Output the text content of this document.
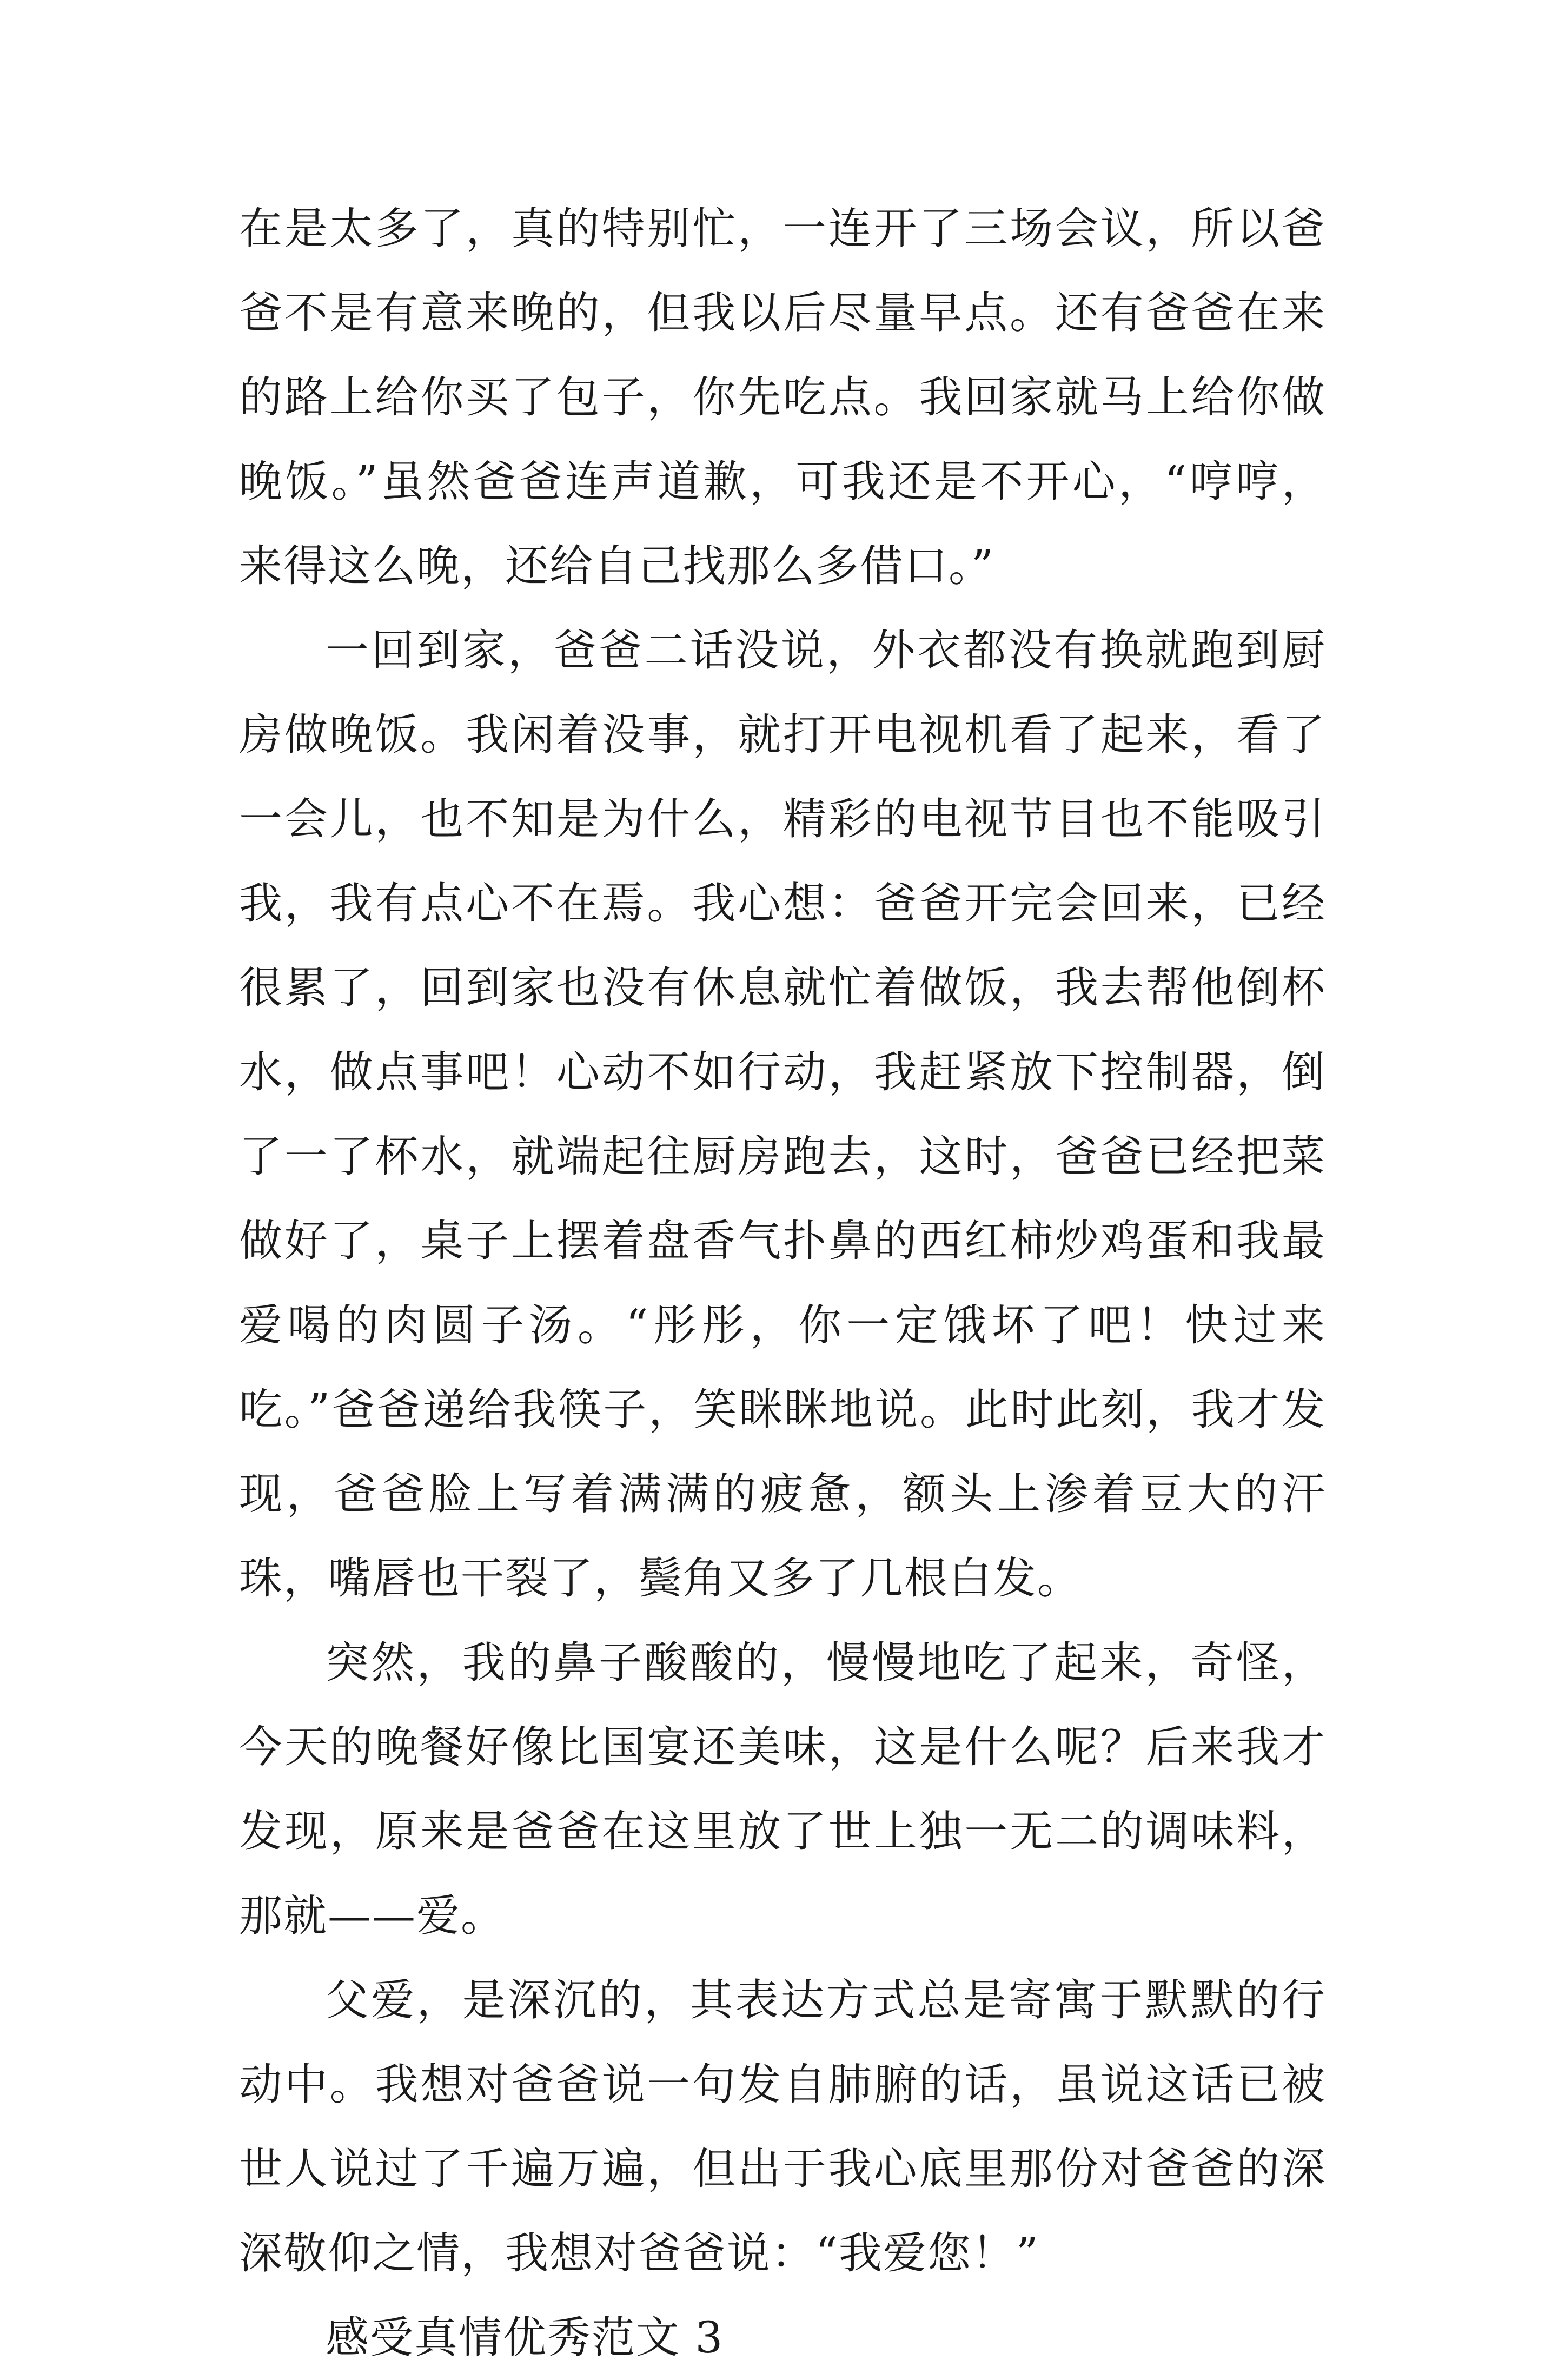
在是太多了，真的特别忙，一连开了三场会议，所以爸爸不是有意来晚的，但我以后尽量早点。还有爸爸在来的路上给你买了包子，你先吃点。我回家就马上给你做晚饭。”虽然爸爸连声道歉，可我还是不开心，“哼哼，来得这么晚，还给自己找那么多借口。”

一回到家，爸爸二话没说，外衣都没有换就跑到厨房做晚饭。我闲着没事，就打开电视机看了起来，看了一会儿，也不知是为什么，精彩的电视节目也不能吸引我，我有点心不在焉。我心想：爸爸开完会回来，已经很累了，回到家也没有休息就忙着做饭，我去帮他倒杯水，做点事吧！心动不如行动，我赶紧放下控制器，倒了一了杯水，就端起往厨房跑去，这时，爸爸已经把菜做好了，桌子上摆着盘香气扑鼻的西红柿炒鸡蛋和我最爱喝的肉圆子汤。“彤彤，你一定饿坏了吧！快过来吃。”爸爸递给我筷子，笑眯眯地说。此时此刻，我才发现，爸爸脸上写着满满的疲惫，额头上渗着豆大的汗珠，嘴唇也干裂了，鬓角又多了几根白发。

突然，我的鼻子酸酸的，慢慢地吃了起来，奇怪，今天的晚餐好像比国宴还美味，这是什么呢？后来我才发现，原来是爸爸在这里放了世上独一无二的调味料，那就——爱。

父爱，是深沉的，其表达方式总是寄寓于默默的行动中。我想对爸爸说一句发自肺腑的话，虽说这话已被世人说过了千遍万遍，但出于我心底里那份对爸爸的深深敬仰之情，我想对爸爸说：“我爱您！”

感受真情优秀范文 3
